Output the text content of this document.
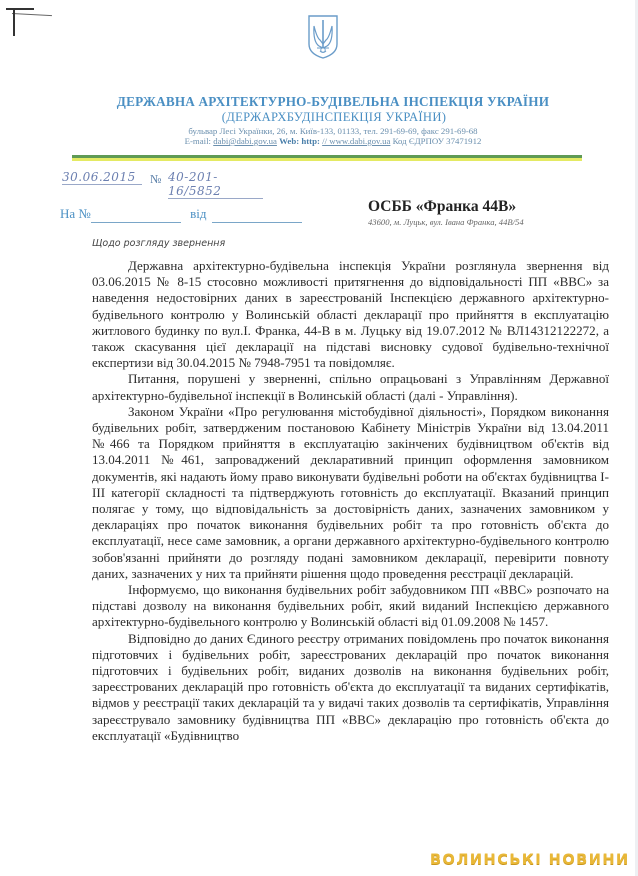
ДЕРЖАВНА АРХІТЕКТУРНО-БУДІВЕЛЬНА ІНСПЕКЦІЯ УКРАЇНИ
(ДЕРЖАРХБУДІНСПЕКЦІЯ УКРАЇНИ)
бульвар Лесі Українки, 26, м. Київ-133, 01133, тел. 291-69-69, факс 291-69-68
E-mail: dabi@dabi.gov.ua Web: http: // www.dabi.gov.ua Код ЄДРПОУ 37471912
30.06.2015	№ 40-201-16/5852
На №	від	ОСББ «Франка 44В»
43600, м. Луцьк, вул. Івана Франка, 44В/54
Щодо розгляду звернення

Державна архітектурно-будівельна інспекція України розглянула звернення від 03.06.2015 № 8-15 стосовно можливості притягнення до відповідальності ПП «ВВС» за наведення недостовірних даних в зареєстрованій Інспекцією державного архітектурно-будівельного контролю у Волинській області декларації про прийняття в експлуатацію житлового будинку по вул.І. Франка, 44-В в м. Луцьку від 19.07.2012 № ВЛ14312122272, а також скасування цієї декларації на підставі висновку судової будівельно-технічної експертизи від 30.04.2015 № 7948-7951 та повідомляє.

Питання, порушені у зверненні, спільно опрацьовані з Управлінням Державної архітектурно-будівельної інспекції в Волинській області (далі - Управління).

Законом України «Про регулювання містобудівної діяльності», Порядком виконання будівельних робіт, затвердженим постановою Кабінету Міністрів України від 13.04.2011 №466 та Порядком прийняття в експлуатацію закінчених будівництвом об'єктів від 13.04.2011 №461, запроваджений декларативний принцип оформлення замовником документів, які надають йому право виконувати будівельні роботи на об'єктах будівництва І-ІІІ категорії складності та підтверджують готовність до експлуатації. Вказаний принцип полягає у тому, що відповідальність за достовірність даних, зазначених замовником у деклараціях про початок виконання будівельних робіт та про готовність об'єкта до експлуатації, несе саме замовник, а органи державного архітектурно-будівельного контролю зобов'язанні прийняти до розгляду подані замовником декларації, перевірити повноту даних, зазначених у них та прийняти рішення щодо проведення реєстрації декларацій.

Інформуємо, що виконання будівельних робіт забудовником ПП «ВВС» розпочато на підставі дозволу на виконання будівельних робіт, який виданий Інспекцією державного архітектурно-будівельного контролю у Волинській області від 01.09.2008 № 1457.

Відповідно до даних Єдиного реєстру отриманих повідомлень про початок виконання підготовчих і будівельних робіт, зареєстрованих декларацій про початок виконання підготовчих і будівельних робіт, виданих дозволів на виконання будівельних робіт, зареєстрованих декларацій про готовність об'єкта до експлуатації та виданих сертифікатів, відмов у реєстрації таких декларацій та у видачі таких дозволів та сертифікатів, Управління зареєструвало замовнику будівництва ПП «ВВС» декларацію про готовність об'єкта до експлуатації «Будівництво

ВОЛИНСЬКІ НОВИНИ
